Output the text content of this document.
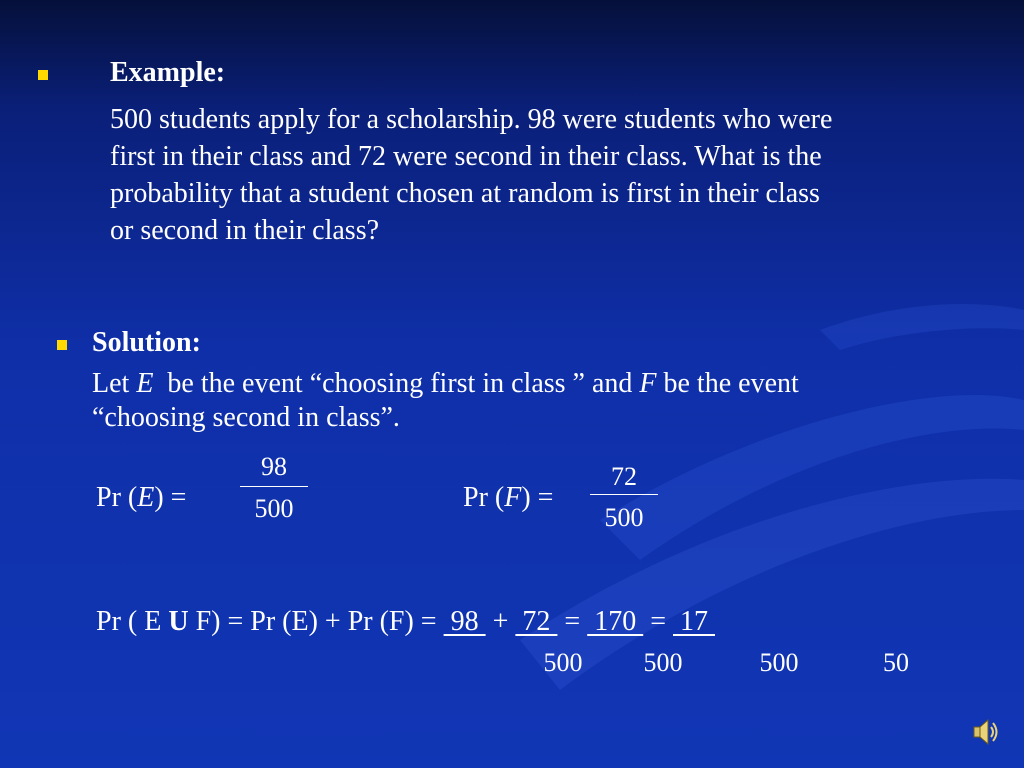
Example:
500 students apply for a scholarship. 98 were students who were
first in their class and 72 were second in their class. What is the
probability that a student chosen at random is first in their class
or second in their class?
Solution:
Let E  be the event “choosing first in class ” and F be the event
“choosing second in class”.
Pr (E) =
98
500	Pr (F) =
72
500
Pr ( E U F) = Pr (E) + Pr (F) =  98  +  72  =  170  =  17
500	500	500	50
